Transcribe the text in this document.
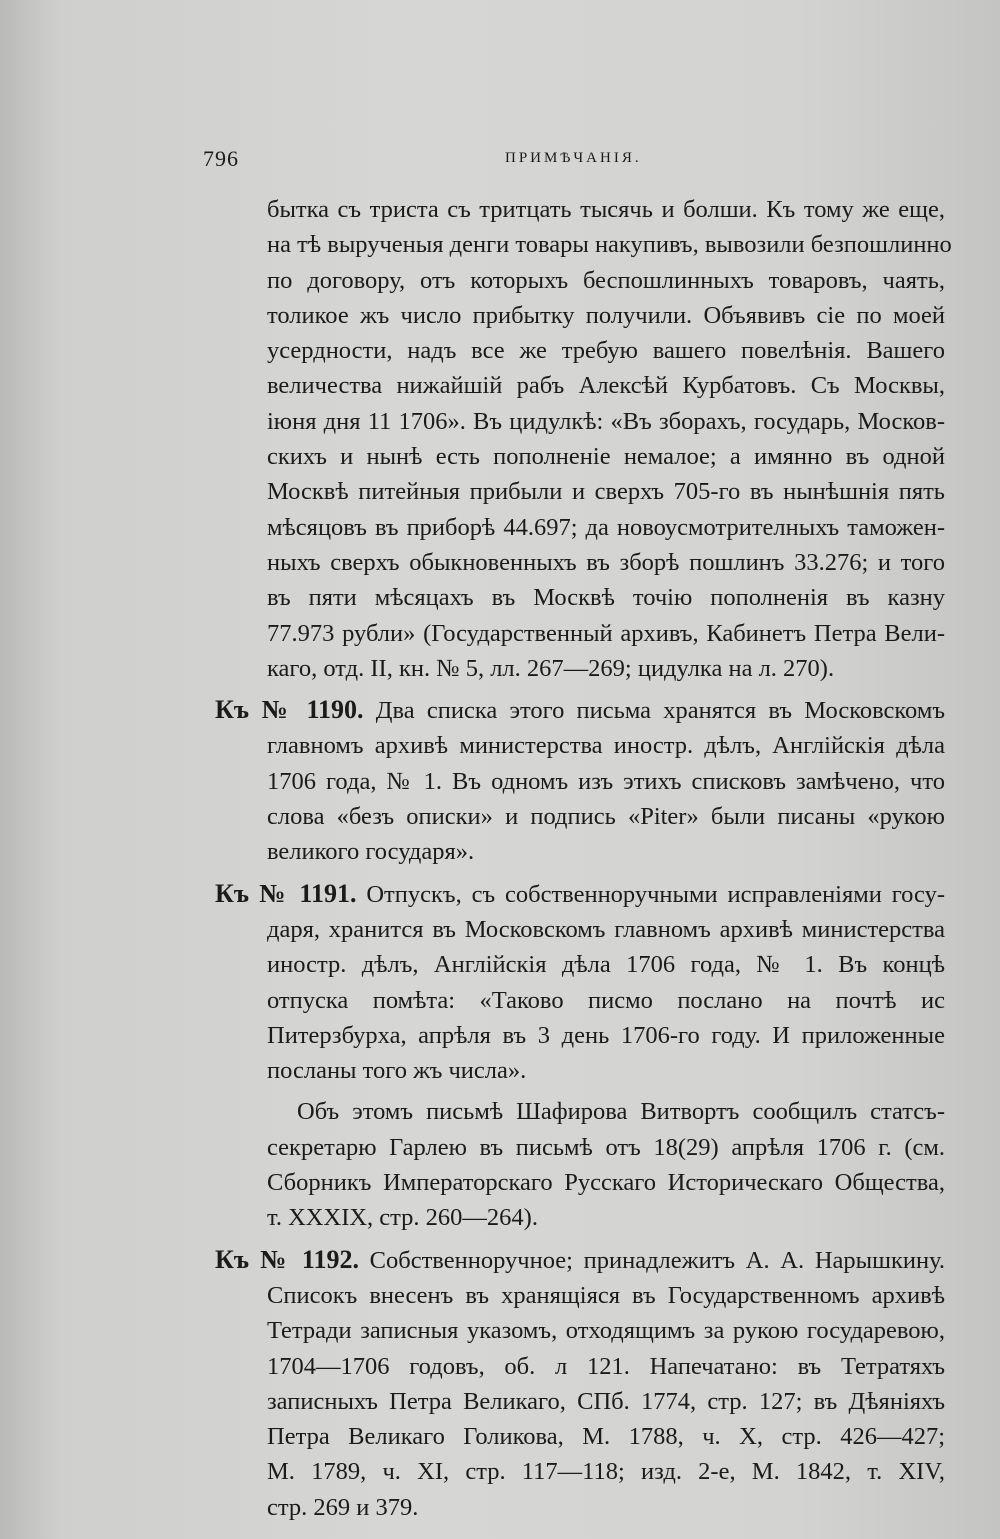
796	ПРИМѢЧАНІЯ.
бытка съ триста съ тритцать тысячь и болши. Къ тому же еще,
на тѣ вырученыя денги товары накупивъ, вывозили безпошлинно
по договору, отъ которыхъ беспошлинныхъ товаровъ, чаять,
толикое жъ число прибытку получили. Объявивъ сіе по моей
усердности, надъ все же требую вашего повелѣнія. Вашего
величества нижайшій рабъ Алексѣй Курбатовъ. Съ Москвы,
іюня дня 11 1706». Въ цидулкѣ: «Въ зборахъ, государь, Москов-
скихъ и нынѣ есть пополненіе немалое; а имянно въ одной
Москвѣ питейныя прибыли и сверхъ 705-го въ нынѣшнія пять
мѣсяцовъ въ приборѣ 44.697; да новоусмотрителныхъ таможен-
ныхъ сверхъ обыкновенныхъ въ зборѣ пошлинъ 33.276; и того
въ пяти мѣсяцахъ въ Москвѣ точію пополненія въ казну
77.973 рубли» (Государственный архивъ, Кабинетъ Петра Вели-
каго, отд. II, кн. № 5, лл. 267—269; цидулка на л. 270).
Къ № 1190. Два списка этого письма хранятся въ Московскомъ
главномъ архивѣ министерства иностр. дѣлъ, Англійскія дѣла
1706 года, № 1. Въ одномъ изъ этихъ списковъ замѣчено, что
слова «безъ описки» и подпись «Piter» были писаны «рукою
великого государя».
Къ № 1191. Отпускъ, съ собственноручными исправленіями госу-
даря, хранится въ Московскомъ главномъ архивѣ министерства
иностр. дѣлъ, Англійскія дѣла 1706 года, № 1. Въ концѣ
отпуска помѣта: «Таково писмо послано на почтѣ ис
Питерзбурха, апрѣля въ 3 день 1706-го году. И приложенные
посланы того жъ числа».
Объ этомъ письмѣ Шафирова Витвортъ сообщилъ статсъ-
секретарю Гарлею въ письмѣ отъ 18(29) апрѣля 1706 г. (см.
Сборникъ Императорскаго Русскаго Историческаго Общества,
т. XXXIX, стр. 260—264).
Къ № 1192. Собственноручное; принадлежитъ А. А. Нарышкину.
Списокъ внесенъ въ хранящіяся въ Государственномъ архивѣ
Тетради записныя указомъ, отходящимъ за рукою государевою,
1704—1706 годовъ, об. л 121. Напечатано: въ Тетратяхъ
записныхъ Петра Великаго, СПб. 1774, стр. 127; въ Дѣяніяхъ
Петра Великаго Голикова, М. 1788, ч. X, стр. 426—427;
М. 1789, ч. XI, стр. 117—118; изд. 2-е, М. 1842, т. XIV,
стр. 269 и 379.
